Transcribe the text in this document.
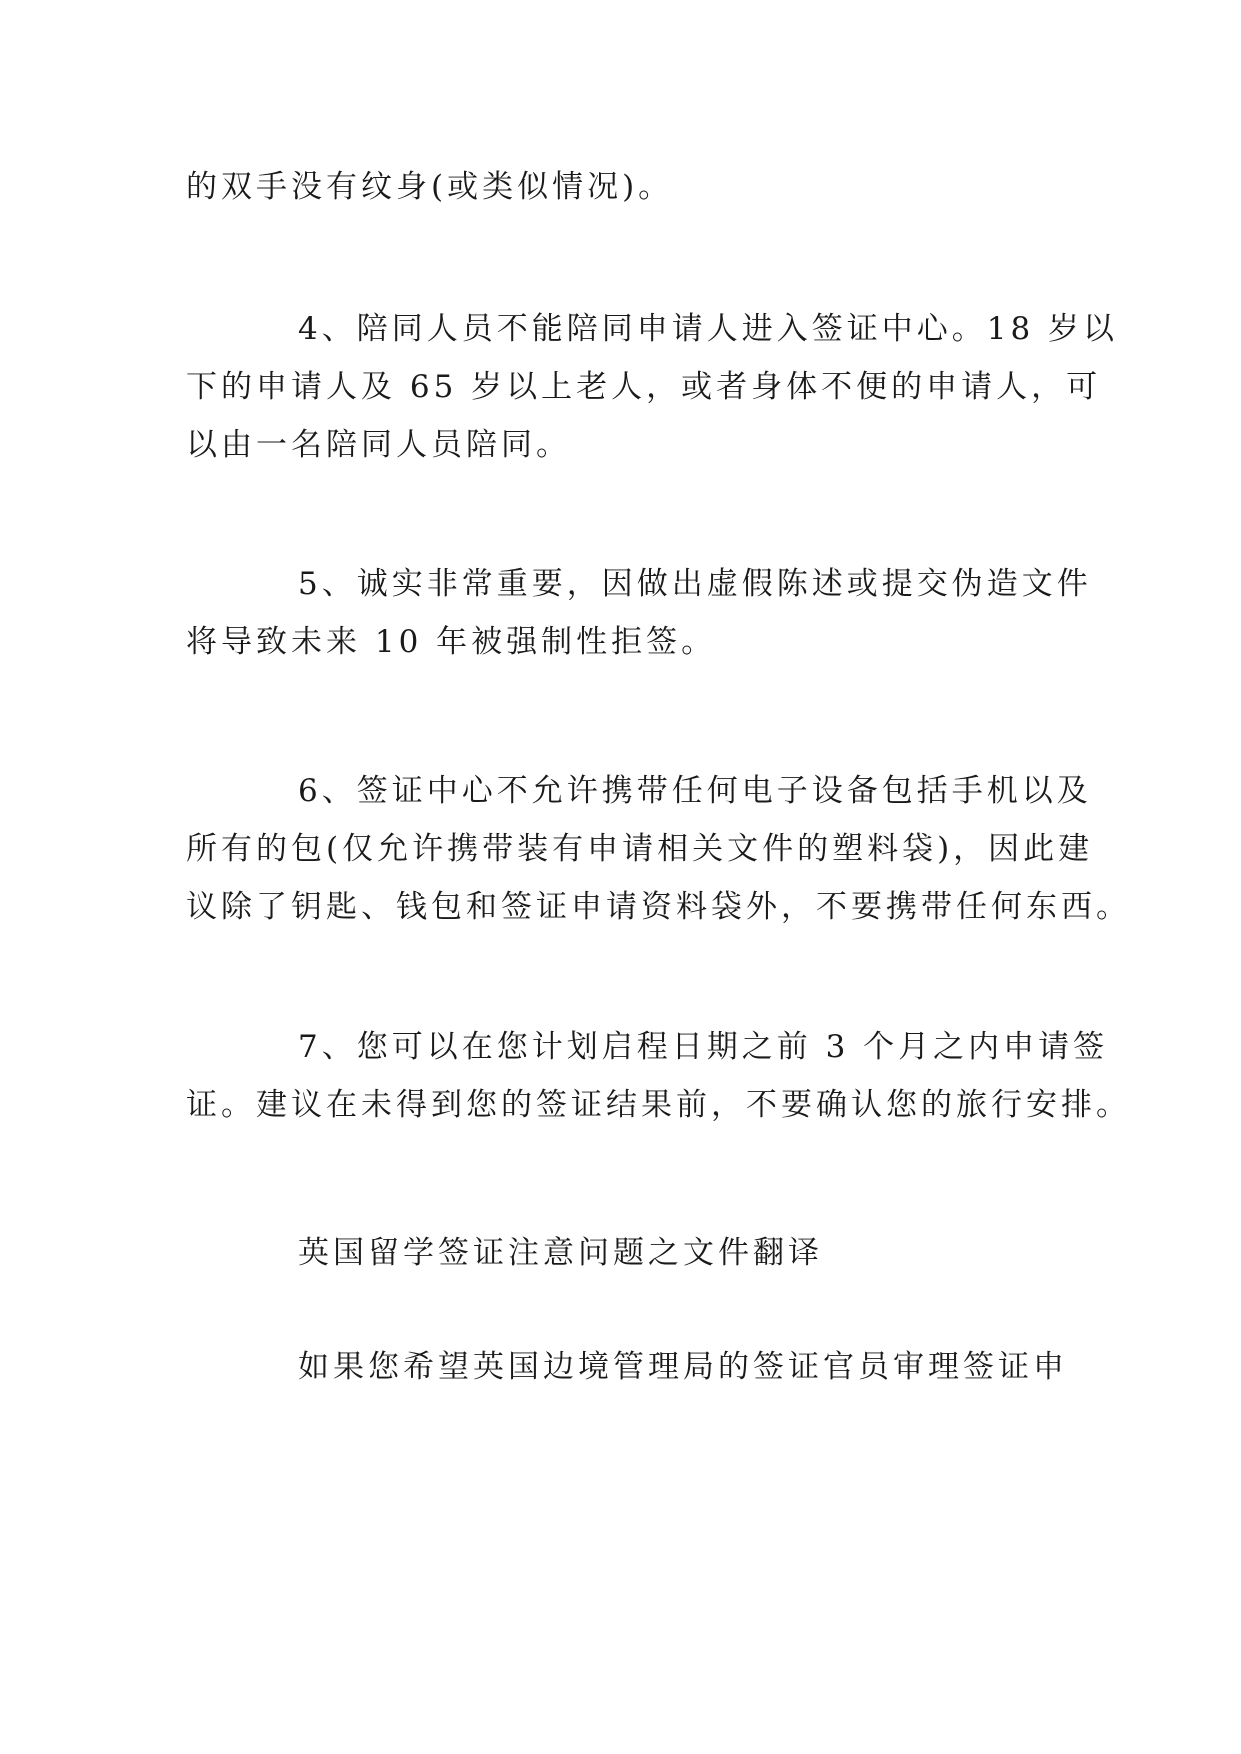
的双手没有纹身(或类似情况)。

4、陪同人员不能陪同申请人进入签证中心。18 岁以
下的申请人及 65 岁以上老人，或者身体不便的申请人，可
以由一名陪同人员陪同。

5、诚实非常重要，因做出虚假陈述或提交伪造文件
将导致未来 10 年被强制性拒签。

6、签证中心不允许携带任何电子设备包括手机以及
所有的包(仅允许携带装有申请相关文件的塑料袋)，因此建
议除了钥匙、钱包和签证申请资料袋外，不要携带任何东西。

7、您可以在您计划启程日期之前 3 个月之内申请签
证。建议在未得到您的签证结果前，不要确认您的旅行安排。

英国留学签证注意问题之文件翻译

如果您希望英国边境管理局的签证官员审理签证申
